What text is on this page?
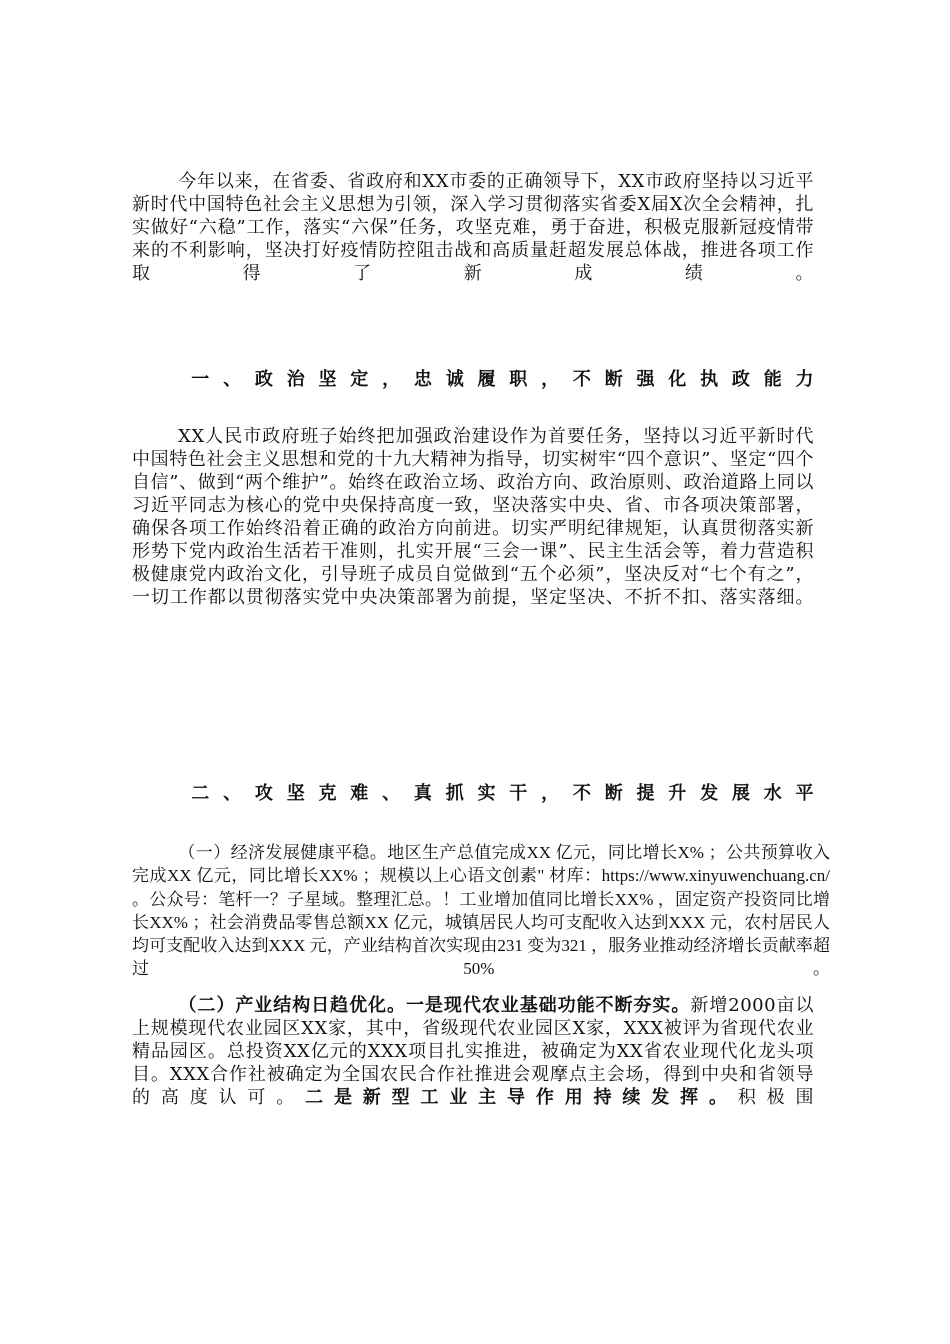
今年以来，在省委、省政府和XX市委的正确领导下，XX市政府坚持以习近平新时代中国特色社会主义思想为引领，深入学习贯彻落实省委X届X次全会精神，扎实做好“六稳”工作，落实“六保”任务，攻坚克难，勇于奋进，积极克服新冠疫情带来的不利影响，坚决打好疫情防控阻击战和高质量赶超发展总体战，推进各项工作取得了新成绩。

一、政治坚定，忠诚履职，不断强化执政能力

XX人民市政府班子始终把加强政治建设作为首要任务，坚持以习近平新时代中国特色社会主义思想和党的十九大精神为指导，切实树牢“四个意识”、坚定“四个自信”、做到“两个维护”。始终在政治立场、政治方向、政治原则、政治道路上同以习近平同志为核心的党中央保持高度一致，坚决落实中央、省、市各项决策部署，确保各项工作始终沿着正确的政治方向前进。切实严明纪律规矩，认真贯彻落实新形势下党内政治生活若干准则，扎实开展“三会一课”、民主生活会等，着力营造积极健康党内政治文化，引导班子成员自觉做到“五个必须”，坚决反对“七个有之”，一切工作都以贯彻落实党中央决策部署为前提，坚定坚决、不折不扣、落实落细。

二、攻坚克难、真抓实干，不断提升发展水平

（一）经济发展健康平稳。地区生产总值完成XX 亿元，同比增长X% ；公共预算收入完成XX 亿元，同比增长XX% ；规模以上心语文创素" 材库：https://www.xinyuwenchuang.cn/ 。公众号：笔杆一？子星域。整理汇总。！工业增加值同比增长XX% ，固定资产投资同比增长XX% ；社会消费品零售总额XX 亿元，城镇居民人均可支配收入达到XXX 元，农村居民人均可支配收入达到XXX 元，产业结构首次实现由231 变为321 ，服务业推动经济增长贡献率超过50% 。

（二）产业结构日趋优化。一是现代农业基础功能不断夯实。新增2000亩以上规模现代农业园区XX家，其中，省级现代农业园区X家，XXX被评为省现代农业精品园区。总投资XX亿元的XXX项目扎实推进，被确定为XX省农业现代化龙头项目。XXX合作社被确定为全国农民合作社推进会观摩点主会场，得到中央和省领导的高度认可。二是新型工业主导作用持续发挥。积极围
